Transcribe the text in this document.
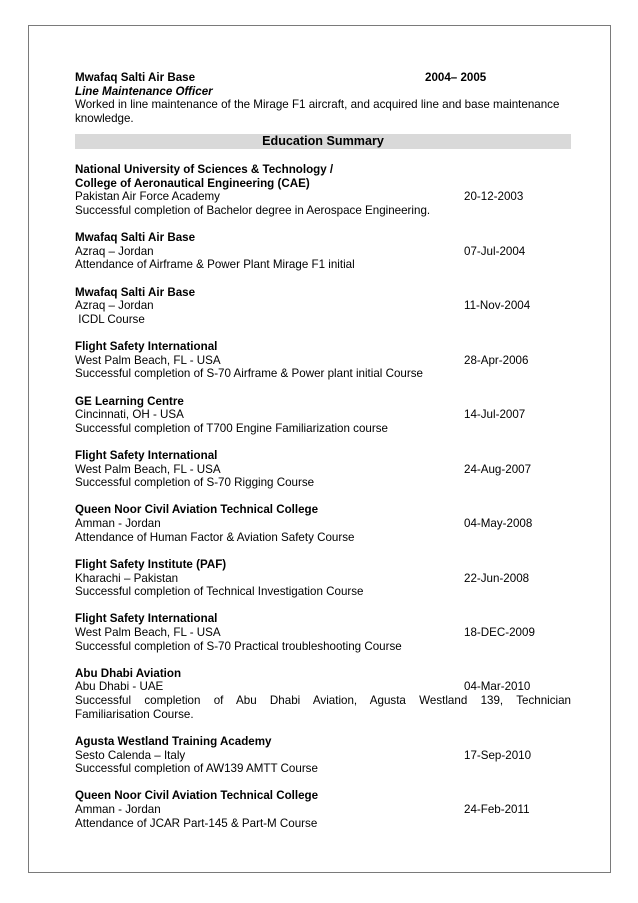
Mwafaq Salti Air Base	2004– 2005
Line Maintenance Officer
Worked in line maintenance of the Mirage F1 aircraft, and acquired line and base maintenance knowledge.
Education Summary
National University of Sciences & Technology /
College of Aeronautical Engineering (CAE)
Pakistan Air Force Academy	20-12-2003
Successful completion of Bachelor degree in Aerospace Engineering.
Mwafaq Salti Air Base
Azraq – Jordan	07-Jul-2004
Attendance of Airframe & Power Plant Mirage F1 initial
Mwafaq Salti Air Base
Azraq – Jordan	11-Nov-2004
ICDL Course
Flight Safety International
West Palm Beach, FL - USA	28-Apr-2006
Successful completion of S-70 Airframe & Power plant initial Course
GE Learning Centre
Cincinnati, OH - USA	14-Jul-2007
Successful completion of T700 Engine Familiarization course
Flight Safety International
West Palm Beach, FL - USA	24-Aug-2007
Successful completion of S-70 Rigging Course
Queen Noor Civil Aviation Technical College
Amman - Jordan	04-May-2008
Attendance of Human Factor & Aviation Safety Course
Flight Safety Institute (PAF)
Kharachi – Pakistan	22-Jun-2008
Successful completion of Technical Investigation Course
Flight Safety International
West Palm Beach, FL - USA	18-DEC-2009
Successful completion of S-70 Practical troubleshooting Course
Abu Dhabi Aviation
Abu Dhabi - UAE	04-Mar-2010
Successful completion of Abu Dhabi Aviation, Agusta Westland 139, Technician
Familiarisation Course.
Agusta Westland Training Academy
Sesto Calenda – Italy	17-Sep-2010
Successful completion of AW139 AMTT Course
Queen Noor Civil Aviation Technical College
Amman - Jordan	24-Feb-2011
Attendance of JCAR Part-145 & Part-M Course
